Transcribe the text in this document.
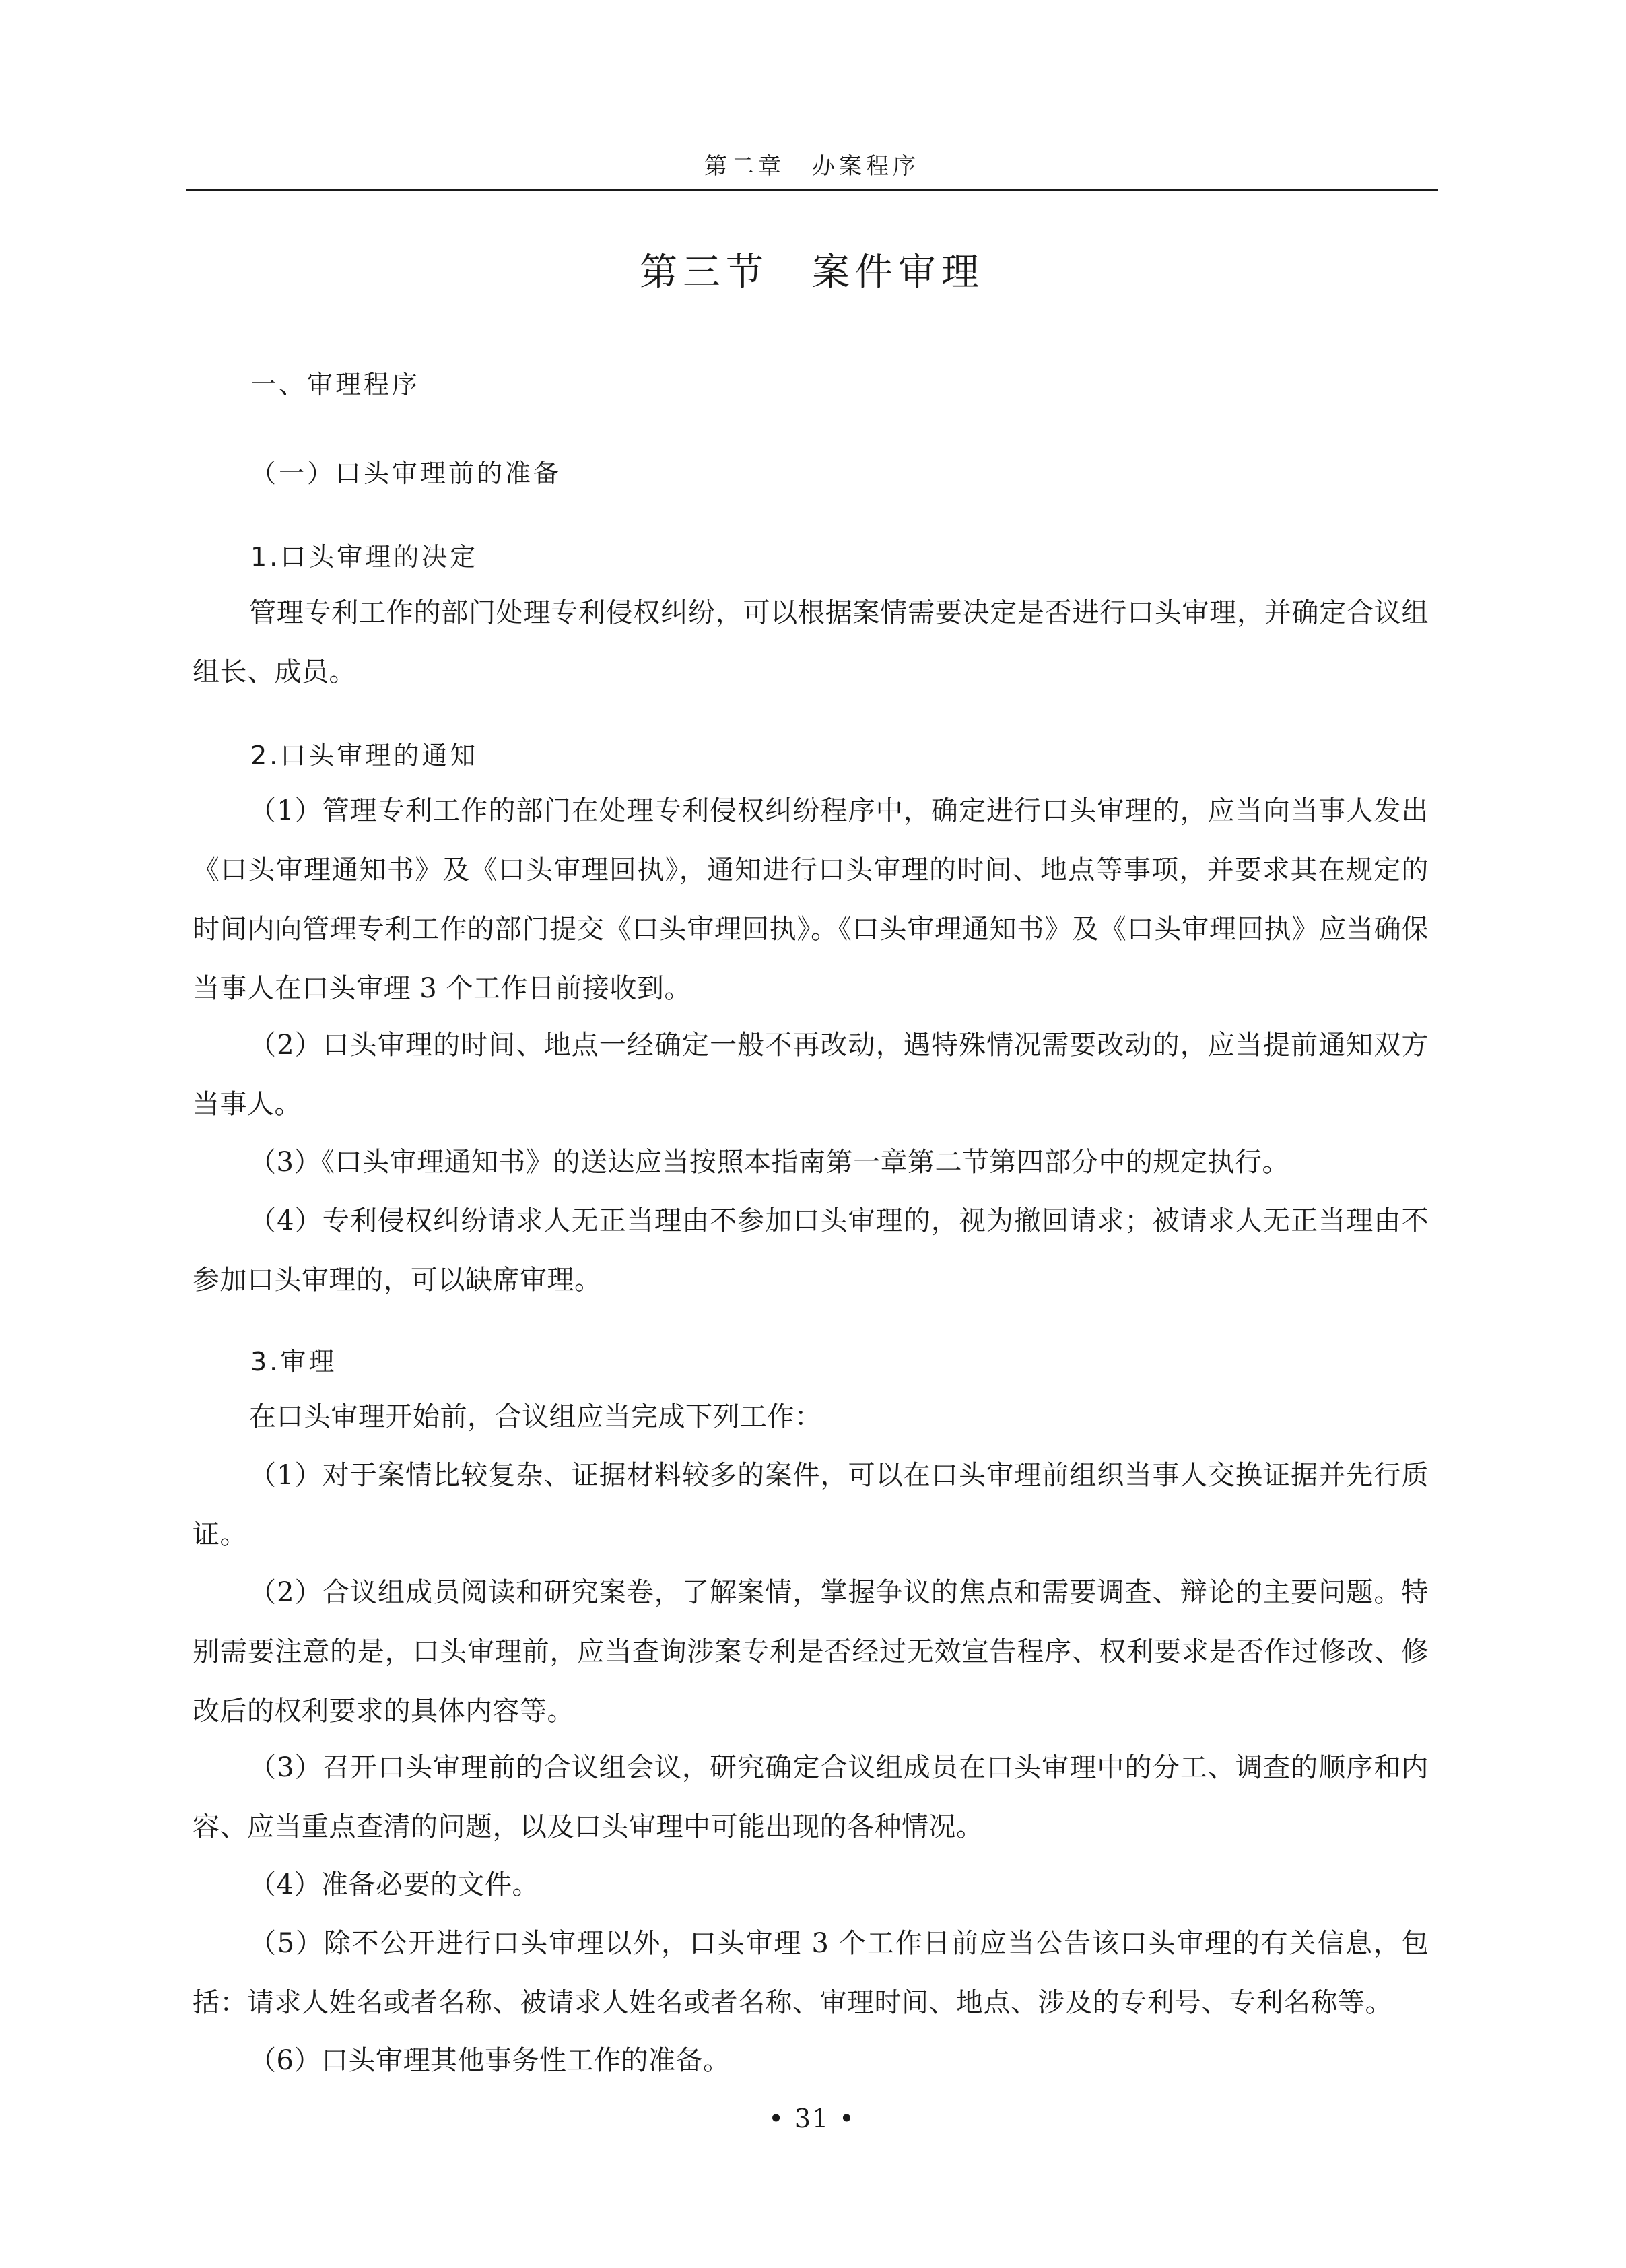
第二章　办案程序
第三节　案件审理
一、审理程序
（一）口头审理前的准备
1.口头审理的决定

管理专利工作的部门处理专利侵权纠纷，可以根据案情需要决定是否进行口头审理，并确定合议组组长、成员。

2.口头审理的通知

（1）管理专利工作的部门在处理专利侵权纠纷程序中，确定进行口头审理的，应当向当事人发出《口头审理通知书》及《口头审理回执》，通知进行口头审理的时间、地点等事项，并要求其在规定的时间内向管理专利工作的部门提交《口头审理回执》。《口头审理通知书》及《口头审理回执》应当确保当事人在口头审理 3 个工作日前接收到。

（2）口头审理的时间、地点一经确定一般不再改动，遇特殊情况需要改动的，应当提前通知双方当事人。

（3）《口头审理通知书》的送达应当按照本指南第一章第二节第四部分中的规定执行。

（4）专利侵权纠纷请求人无正当理由不参加口头审理的，视为撤回请求；被请求人无正当理由不参加口头审理的，可以缺席审理。

3.审理

在口头审理开始前，合议组应当完成下列工作：

（1）对于案情比较复杂、证据材料较多的案件，可以在口头审理前组织当事人交换证据并先行质证。

（2）合议组成员阅读和研究案卷，了解案情，掌握争议的焦点和需要调查、辩论的主要问题。特别需要注意的是，口头审理前，应当查询涉案专利是否经过无效宣告程序、权利要求是否作过修改、修改后的权利要求的具体内容等。

（3）召开口头审理前的合议组会议，研究确定合议组成员在口头审理中的分工、调查的顺序和内容、应当重点查清的问题，以及口头审理中可能出现的各种情况。

（4）准备必要的文件。

（5）除不公开进行口头审理以外，口头审理 3 个工作日前应当公告该口头审理的有关信息，包括：请求人姓名或者名称、被请求人姓名或者名称、审理时间、地点、涉及的专利号、专利名称等。

（6）口头审理其他事务性工作的准备。

• 31 •
